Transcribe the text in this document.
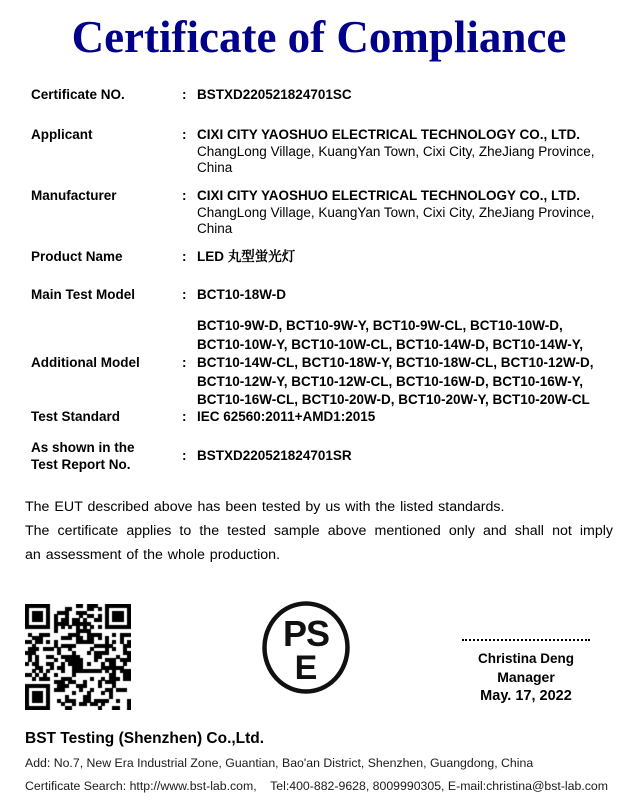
Certificate of Compliance
Certificate NO.	: BSTXD220521824701SC
Applicant	: CIXI CITY YAOSHUO ELECTRICAL TECHNOLOGY CO., LTD.
ChangLong Village, KuangYan Town, Cixi City, ZheJiang Province,
China
Manufacturer	: CIXI CITY YAOSHUO ELECTRICAL TECHNOLOGY CO., LTD.
ChangLong Village, KuangYan Town, Cixi City, ZheJiang Province,
China
Product Name	: LED 丸型蛍光灯
Main Test Model	: BCT10-18W-D
Additional Model	:
BCT10-9W-D, BCT10-9W-Y, BCT10-9W-CL, BCT10-10W-D,
BCT10-10W-Y, BCT10-10W-CL, BCT10-14W-D, BCT10-14W-Y,
BCT10-14W-CL, BCT10-18W-Y, BCT10-18W-CL, BCT10-12W-D,
BCT10-12W-Y, BCT10-12W-CL, BCT10-16W-D, BCT10-16W-Y,
BCT10-16W-CL, BCT10-20W-D, BCT10-20W-Y, BCT10-20W-CL
Test Standard	: IEC 62560:2011+AMD1:2015
As shown in the
Test Report No.
: BSTXD220521824701SR
The EUT described above has been tested by us with the listed standards.
The certificate applies to the tested sample above mentioned only and shall not imply
an assessment of the whole production.
PS
E	Christina Deng
Manager
May. 17, 2022
BST Testing (Shenzhen) Co.,Ltd.
Add: No.7, New Era Industrial Zone, Guantian, Bao'an District, Shenzhen, Guangdong, China
Certificate Search: http://www.bst-lab.com,    Tel:400-882-9628, 8009990305, E-mail:christina@bst-lab.com
